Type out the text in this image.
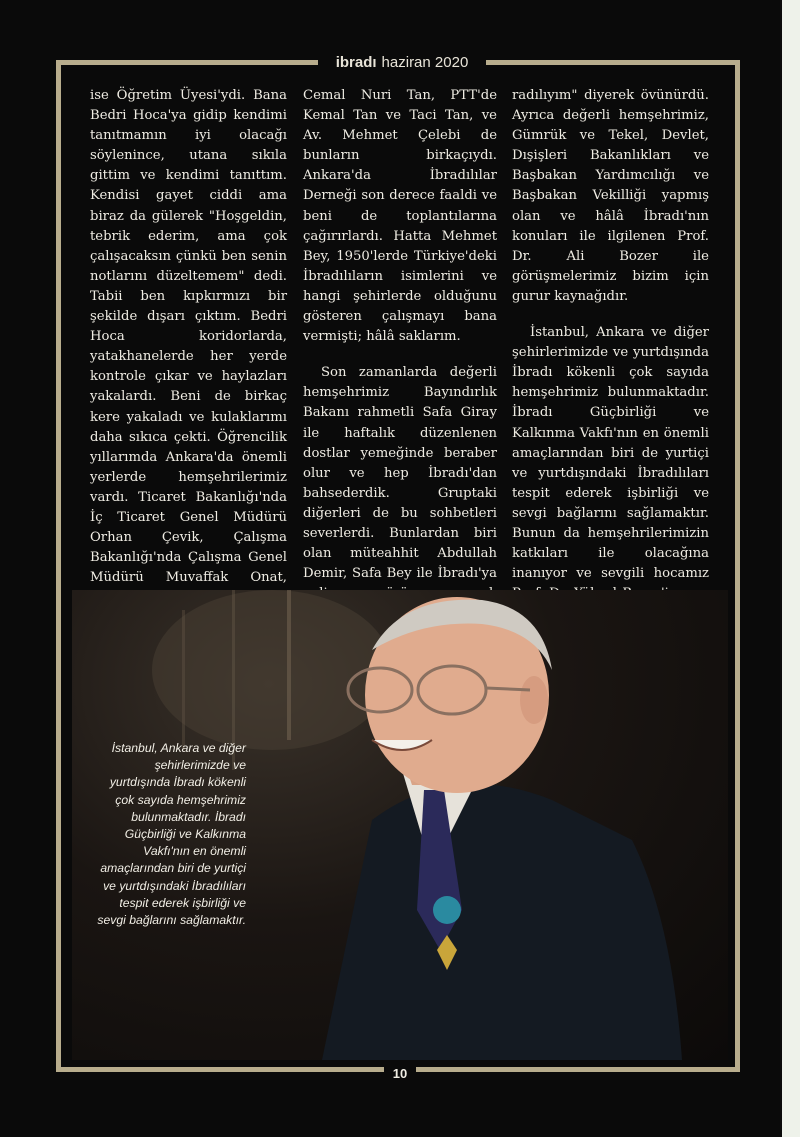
ibradı haziran 2020

ise Öğretim Üyesi'ydi. Bana Bedri Hoca'ya gidip kendimi tanıtmamın iyi olacağı söylenince, utana sıkıla gittim ve kendimi tanıttım. Kendisi gayet ciddi ama biraz da gülerek "Hoşgeldin, tebrik ederim, ama çok çalışacaksın çünkü ben senin notlarını düzeltemem" dedi. Tabii ben kıpkırmızı bir şekilde dışarı çıktım. Bedri Hoca koridorlarda, yatakhanelerde her yerde kontrole çıkar ve haylazları yakalardı. Beni de birkaç kere yakaladı ve kulaklarımı daha sıkıca çekti. Öğrencilik yıllarımda Ankara'da önemli yerlerde hemşehrilerimiz vardı. Ticaret Bakanlığı'nda İç Ticaret Genel Müdürü Orhan Çevik, Çalışma Bakanlığı'nda Çalışma Genel Müdürü Muvaffak Onat,

Cemal Nuri Tan, PTT'de Kemal Tan ve Taci Tan, ve Av. Mehmet Çelebi de bunların birkaçıydı. Ankara'da İbradılılar Derneği son derece faaldi ve beni de toplantılarına çağırırlardı. Hatta Mehmet Bey, 1950'lerde Türkiye'deki İbradılıların isimlerini ve hangi şehirlerde olduğunu gösteren çalışmayı bana vermişti; hâlâ saklarım.

Son zamanlarda değerli hemşehrimiz Bayındırlık Bakanı rahmetli Safa Giray ile haftalık düzenlenen dostlar yemeğinde beraber olur ve hep İbradı'dan bahsederdik. Gruptaki diğerleri de bu sohbetleri severlerdi. Bunlardan biri olan müteahhit Abdullah Demir, Safa Bey ile İbradı'ya

radılıyım" diyerek övünürdü. Ayrıca değerli hemşehrimiz, Gümrük ve Tekel, Devlet, Dışişleri Bakanlıkları ve Başbakan Yardımcılığı ve Başbakan Vekilliği yapmış olan ve hâlâ İbradı'nın konuları ile ilgilenen Prof. Dr. Ali Bozer ile görüşmelerimiz bizim için gurur kaynağıdır.

İstanbul, Ankara ve diğer şehirlerimizde ve yurtdışında İbradı kökenli çok sayıda hemşehrimiz bulunmaktadır. İbradı Güçbirliği ve Kalkınma Vakfı'nın en önemli amaçlarından biri de yurtiçi ve yurtdışındaki İbradılıları tespit ederek işbirliği ve sevgi bağlarını sağlamaktır. Bunun da hemşehrilerimizin katkıları ile olacağına inanıyor ve sevgili hocamız

İstanbul, Ankara ve diğer şehirlerimizde ve yurtdışında İbradı kökenli çok sayıda hemşehrimiz bulunmaktadır. İbradı Güçbirliği ve Kalkınma Vakfı'nın en önemli amaçlarından biri de yurtiçi ve yurtdışındaki İbradılıları tespit ederek işbirliği ve sevgi bağlarını sağlamaktır.
10
